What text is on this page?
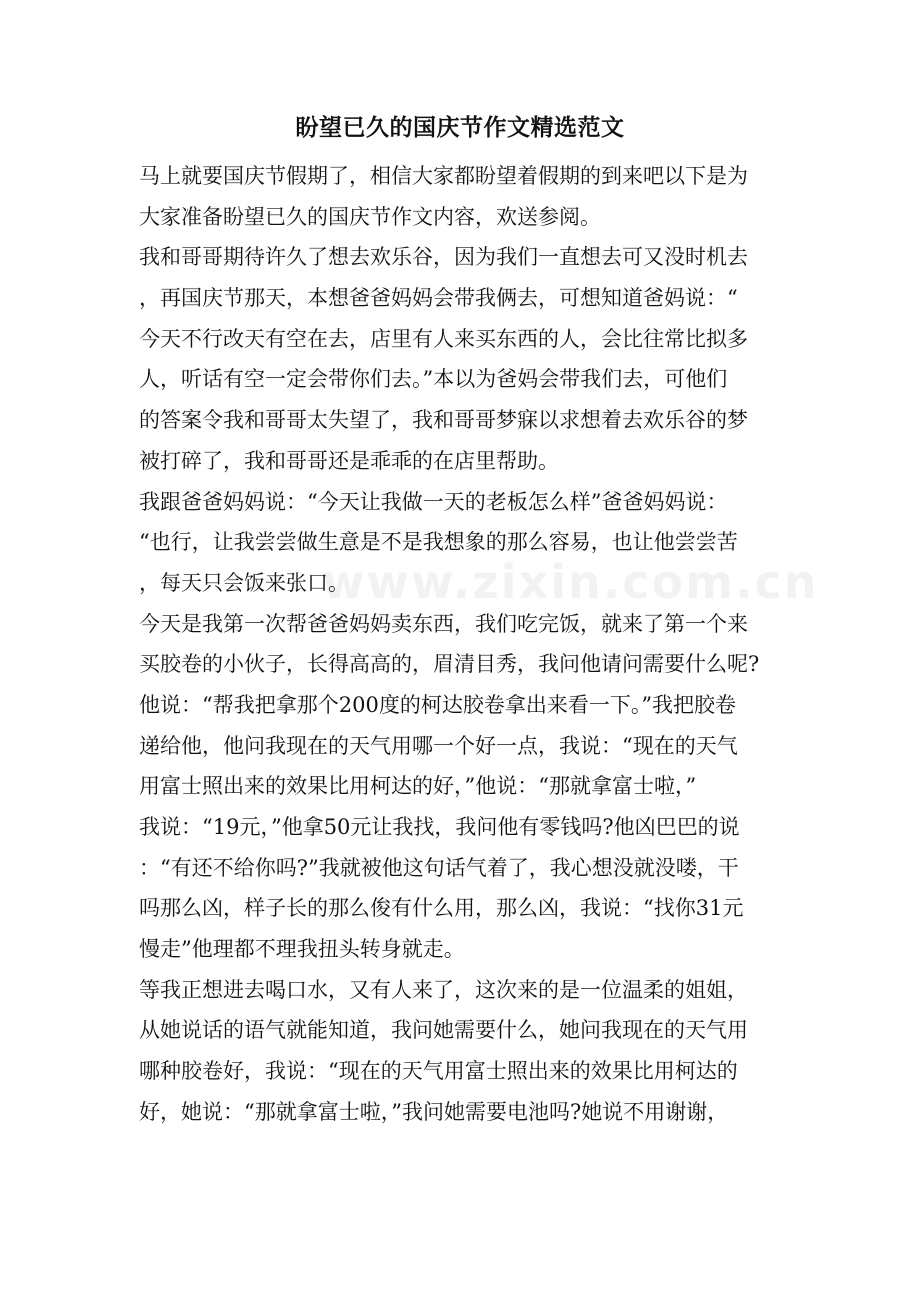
www.zixin.com.cn
盼望已久的国庆节作文精选范文
马上就要国庆节假期了，相信大家都盼望着假期的到来吧以下是为
大家准备盼望已久的国庆节作文内容，欢送参阅。
我和哥哥期待许久了想去欢乐谷，因为我们一直想去可又没时机去
，再国庆节那天，本想爸爸妈妈会带我俩去，可想知道爸妈说：“
今天不行改天有空在去，店里有人来买东西的人，会比往常比拟多
人，听话有空一定会带你们去。”本以为爸妈会带我们去，可他们
的答案令我和哥哥太失望了，我和哥哥梦寐以求想着去欢乐谷的梦
被打碎了，我和哥哥还是乖乖的在店里帮助。
我跟爸爸妈妈说：“今天让我做一天的老板怎么样”爸爸妈妈说：
“也行，让我尝尝做生意是不是我想象的那么容易，也让他尝尝苦
，每天只会饭来张口。
今天是我第一次帮爸爸妈妈卖东西，我们吃完饭，就来了第一个来
买胶卷的小伙子，长得高高的，眉清目秀，我问他请问需要什么呢?
他说：“帮我把拿那个200度的柯达胶卷拿出来看一下。”我把胶卷
递给他，他问我现在的天气用哪一个好一点，我说：“现在的天气
用富士照出来的效果比用柯达的好，”他说：“那就拿富士啦，”
我说：“19元，”他拿50元让我找，我问他有零钱吗?他凶巴巴的说
：“有还不给你吗?”我就被他这句话气着了，我心想没就没喽，干
吗那么凶，样子长的那么俊有什么用，那么凶，我说：“找你31元
慢走”他理都不理我扭头转身就走。
等我正想进去喝口水，又有人来了，这次来的是一位温柔的姐姐，
从她说话的语气就能知道，我问她需要什么，她问我现在的天气用
哪种胶卷好，我说：“现在的天气用富士照出来的效果比用柯达的
好，她说：“那就拿富士啦，”我问她需要电池吗?她说不用谢谢，
